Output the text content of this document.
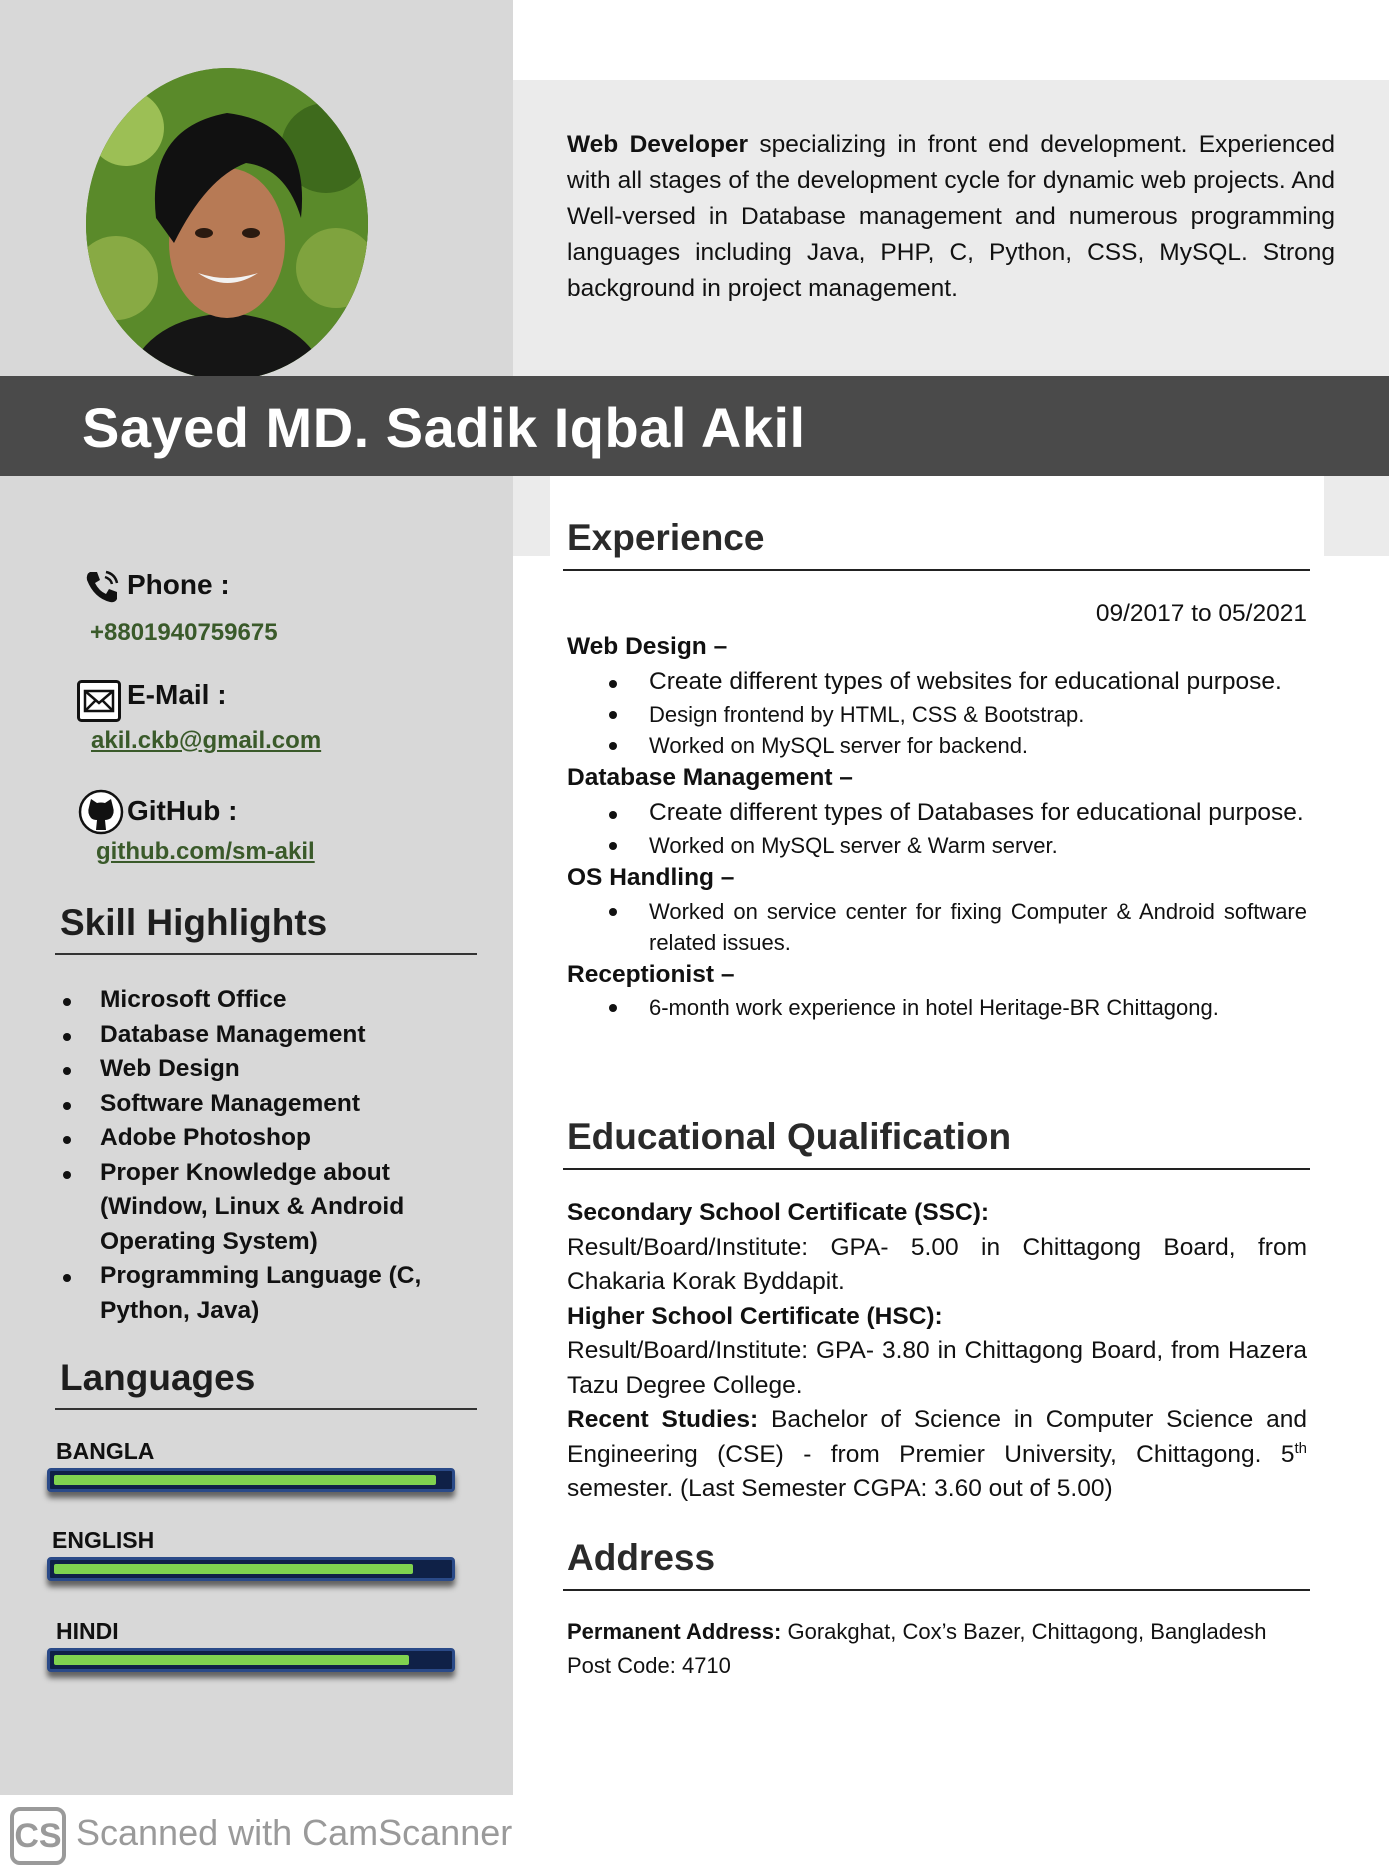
Web Developer specializing in front end development. Experienced with all stages of the development cycle for dynamic web projects. And Well-versed in Database management and numerous programming languages including Java, PHP, C, Python, CSS, MySQL. Strong background in project management.
Sayed MD. Sadik Iqbal Akil
Phone :
+8801940759675
E-Mail :
akil.ckb@gmail.com
GitHub :
github.com/sm-akil
Skill Highlights
Microsoft Office
Database Management
Web Design
Software Management
Adobe Photoshop
Proper Knowledge about (Window, Linux & Android Operating System)
Programming Language (C, Python, Java)
Languages
BANGLA
ENGLISH
HINDI
Experience
09/2017 to 05/2021
Web Design –
Create different types of websites for educational purpose.
Design frontend by HTML, CSS & Bootstrap.
Worked on MySQL server for backend.
Database Management –
Create different types of Databases for educational purpose.
Worked on MySQL server & Warm server.
OS Handling –
Worked on service center for fixing Computer & Android software related issues.
Receptionist –
6-month work experience in hotel Heritage-BR Chittagong.
Educational Qualification

Secondary School Certificate (SSC):

Result/Board/Institute: GPA- 5.00 in Chittagong Board, from Chakaria Korak Byddapit.

Higher School Certificate (HSC):

Result/Board/Institute: GPA- 3.80 in Chittagong Board, from Hazera Tazu Degree College.

Recent Studies: Bachelor of Science in Computer Science and Engineering (CSE) - from Premier University, Chittagong. 5th semester. (Last Semester CGPA: 3.60 out of 5.00)

Address
Permanent Address: Gorakghat, Cox’s Bazer, Chittagong, Bangladesh
Post Code: 4710
CS Scanned with CamScanner
